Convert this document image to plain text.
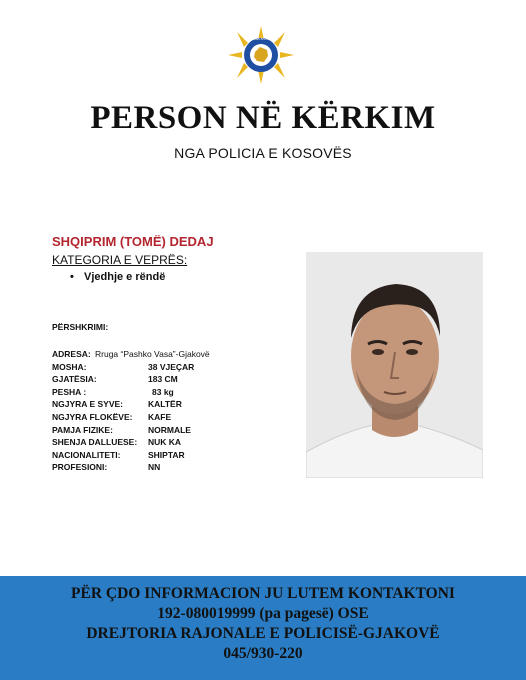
POLICIA KOSOVO
PERSON NË KËRKIM
NGA POLICIA E KOSOVËS
SHQIPRIM (TOMË) DEDAJ
KATEGORIA E VEPRËS:
• Vjedhje e rëndë
PËRSHKRIMI:
ADRESA: Rruga “Pashko Vasa”-Gjakovë
MOSHA:	38 VJEÇAR
GJATËSIA:	183 CM
PESHA :	83 kg
NGJYRA E SYVE:	KALTËR
NGJYRA FLOKËVE: KAFE
PAMJA FIZIKE:	NORMALE
SHENJA DALLUESE: NUK KA
NACIONALITETI:	SHIPTAR
PROFESIONI:	NN
PËR ÇDO INFORMACION JU LUTEM KONTAKTONI
192-080019999 (pa pagesë) OSE
DREJTORIA RAJONALE E POLICISË-GJAKOVË
045/930-220
